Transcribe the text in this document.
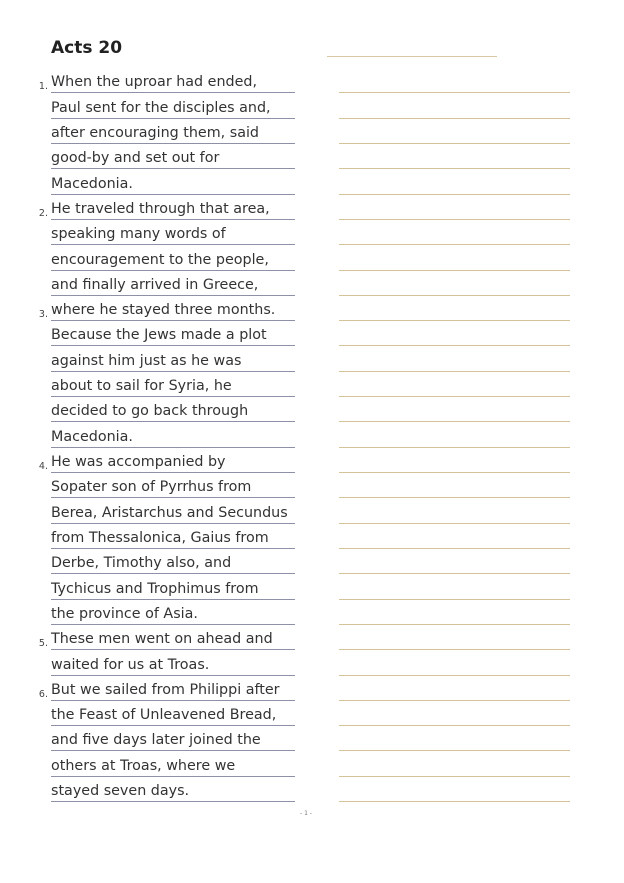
Acts 20
1. When the uproar had ended,
Paul sent for the disciples and,
after encouraging them, said
good-by and set out for
Macedonia.
2. He traveled through that area,
speaking many words of
encouragement to the people,
and finally arrived in Greece,
3. where he stayed three months.
Because the Jews made a plot
against him just as he was
about to sail for Syria, he
decided to go back through
Macedonia.
4. He was accompanied by
Sopater son of Pyrrhus from
Berea, Aristarchus and Secundus
from Thessalonica, Gaius from
Derbe, Timothy also, and
Tychicus and Trophimus from
the province of Asia.
5. These men went on ahead and
waited for us at Troas.
6. But we sailed from Philippi after
the Feast of Unleavened Bread,
and five days later joined the
others at Troas, where we
stayed seven days.
- 1 -
